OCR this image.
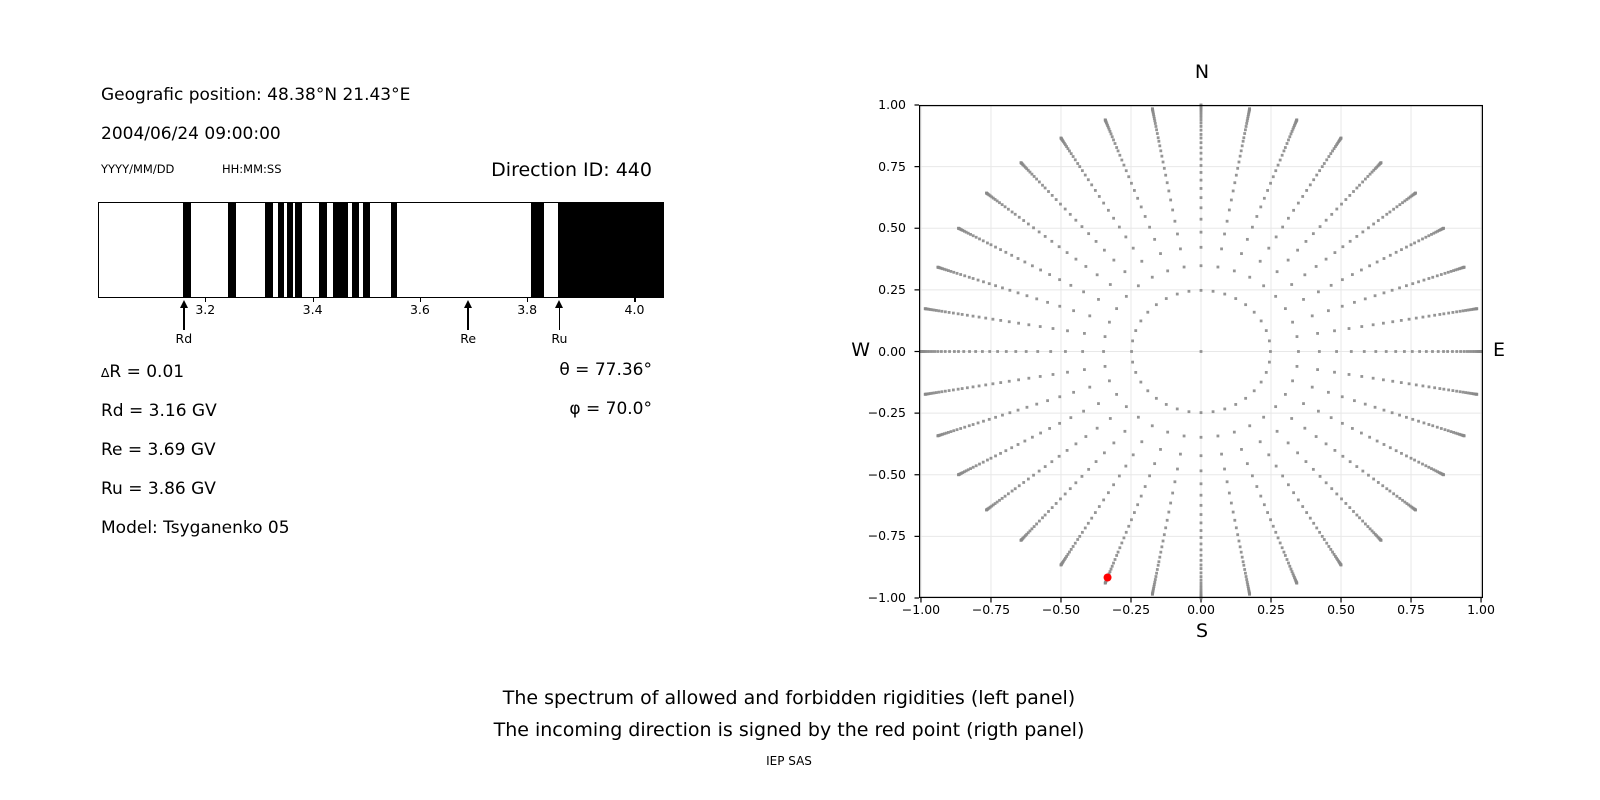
Geografic position: 48.38°N 21.43°E
2004/06/24 09:00:00
YYYY/MM/DD	HH:MM:SS	Direction ID: 440
3.2	3.4	3.6	3.8	4.0
Rd	Re	Ru
∆R = 0.01
Rd = 3.16 GV
Re = 3.69 GV
Ru = 3.86 GV
Model: Tsyganenko 05
θ = 77.36°
φ = 70.0°
N
S
W	E
−1.00	−0.75	−0.50	−0.25	0.00	0.25	0.50	0.75	1.00
1.00
0.75
0.50
0.25
0.00
−0.25
−0.50
−0.75
−1.00
The spectrum of allowed and forbidden rigidities (left panel)
The incoming direction is signed by the red point (rigth panel)
IEP SAS
